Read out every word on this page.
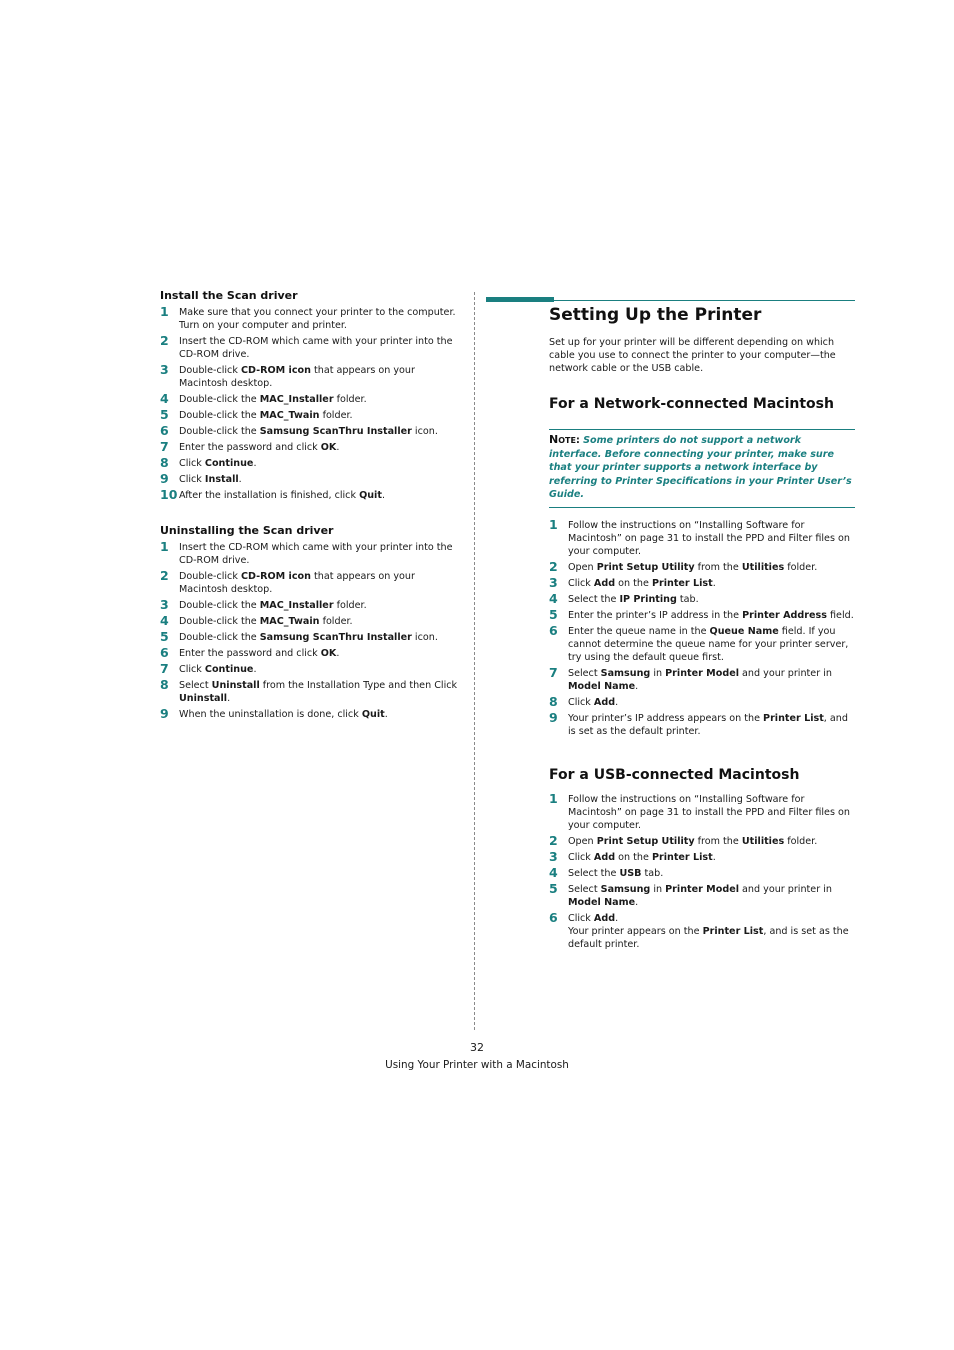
Install the Scan driver
1 Make sure that you connect your printer to the computer. Turn on your computer and printer.
2 Insert the CD-ROM which came with your printer into the CD-ROM drive.
3 Double-click CD-ROM icon that appears on your Macintosh desktop.
4 Double-click the MAC_Installer folder.
5 Double-click the MAC_Twain folder.
6 Double-click the Samsung ScanThru Installer icon.
7 Enter the password and click OK.
8 Click Continue.
9 Click Install.
10 After the installation is finished, click Quit.
Uninstalling the Scan driver
1 Insert the CD-ROM which came with your printer into the CD-ROM drive.
2 Double-click CD-ROM icon that appears on your Macintosh desktop.
3 Double-click the MAC_Installer folder.
4 Double-click the MAC_Twain folder.
5 Double-click the Samsung ScanThru Installer icon.
6 Enter the password and click OK.
7 Click Continue.
8 Select Uninstall from the Installation Type and then Click Uninstall.
9 When the uninstallation is done, click Quit.
Setting Up the Printer
Set up for your printer will be different depending on which cable you use to connect the printer to your computer—the network cable or the USB cable.
For a Network-connected Macintosh
Note: Some printers do not support a network interface. Before connecting your printer, make sure that your printer supports a network interface by referring to Printer Specifications in your Printer User’s Guide.
1 Follow the instructions on “Installing Software for Macintosh” on page 31 to install the PPD and Filter files on your computer.
2 Open Print Setup Utility from the Utilities folder.
3 Click Add on the Printer List.
4 Select the IP Printing tab.
5 Enter the printer’s IP address in the Printer Address field.
6 Enter the queue name in the Queue Name field. If you cannot determine the queue name for your printer server, try using the default queue first.
7 Select Samsung in Printer Model and your printer in Model Name.
8 Click Add.
9 Your printer’s IP address appears on the Printer List, and is set as the default printer.
For a USB-connected Macintosh
1 Follow the instructions on “Installing Software for Macintosh” on page 31 to install the PPD and Filter files on your computer.
2 Open Print Setup Utility from the Utilities folder.
3 Click Add on the Printer List.
4 Select the USB tab.
5 Select Samsung in Printer Model and your printer in Model Name.
6 Click Add.
Your printer appears on the Printer List, and is set as the default printer.
32
Using Your Printer with a Macintosh
